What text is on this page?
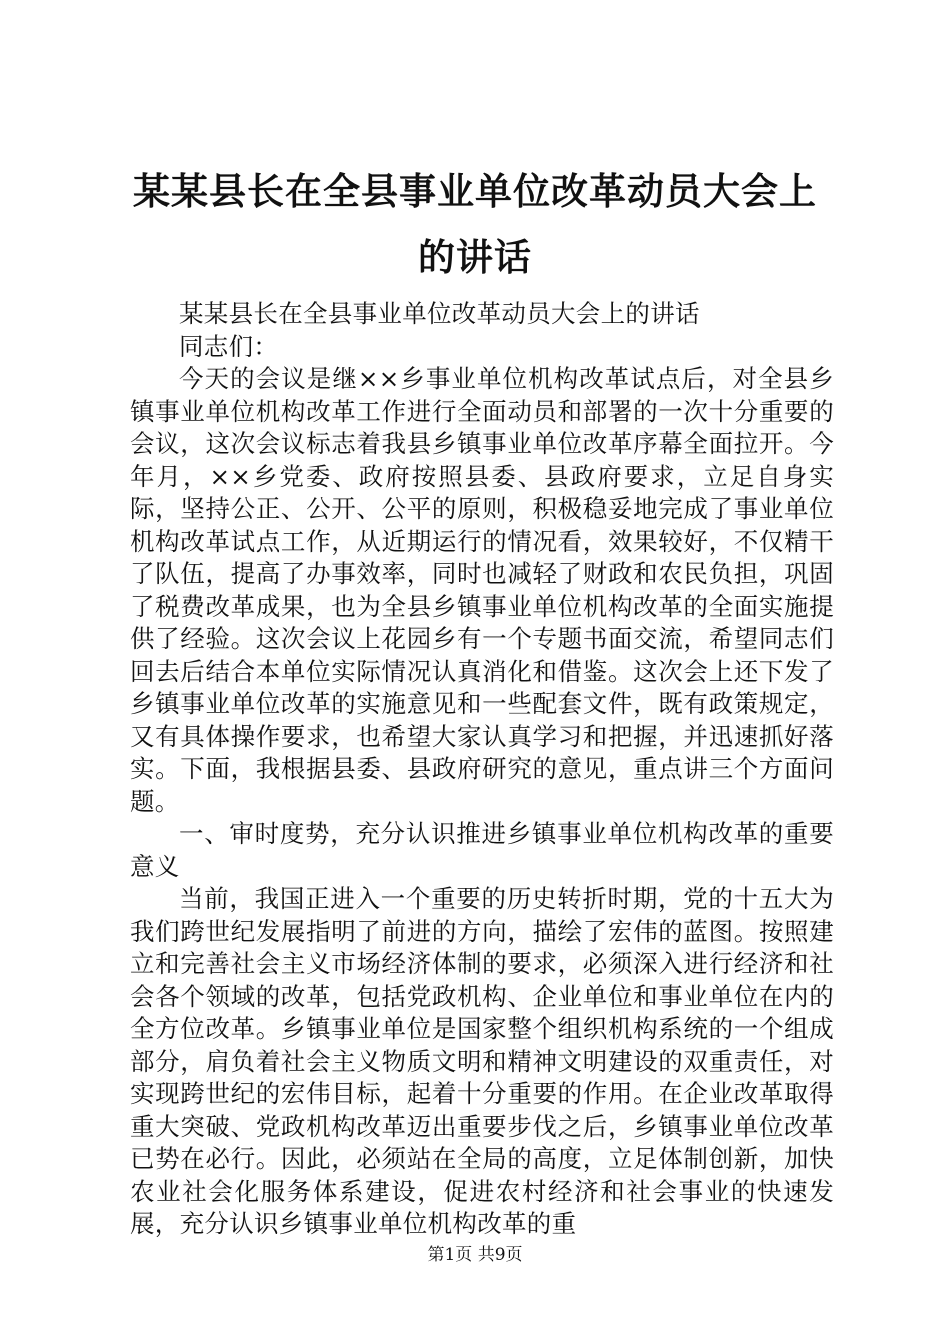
某某县长在全县事业单位改革动员大会上的讲话

某某县长在全县事业单位改革动员大会上的讲话

同志们：

今天的会议是继××乡事业单位机构改革试点后，对全县乡镇事业单位机构改革工作进行全面动员和部署的一次十分重要的会议，这次会议标志着我县乡镇事业单位改革序幕全面拉开。今年月，××乡党委、政府按照县委、县政府要求，立足自身实际，坚持公正、公开、公平的原则，积极稳妥地完成了事业单位机构改革试点工作，从近期运行的情况看，效果较好，不仅精干了队伍，提高了办事效率，同时也减轻了财政和农民负担，巩固了税费改革成果，也为全县乡镇事业单位机构改革的全面实施提供了经验。这次会议上花园乡有一个专题书面交流，希望同志们回去后结合本单位实际情况认真消化和借鉴。这次会上还下发了乡镇事业单位改革的实施意见和一些配套文件，既有政策规定，又有具体操作要求，也希望大家认真学习和把握，并迅速抓好落实。下面，我根据县委、县政府研究的意见，重点讲三个方面问题。

一、审时度势，充分认识推进乡镇事业单位机构改革的重要意义

当前，我国正进入一个重要的历史转折时期，党的十五大为我们跨世纪发展指明了前进的方向，描绘了宏伟的蓝图。按照建立和完善社会主义市场经济体制的要求，必须深入进行经济和社会各个领域的改革，包括党政机构、企业单位和事业单位在内的全方位改革。乡镇事业单位是国家整个组织机构系统的一个组成部分，肩负着社会主义物质文明和精神文明建设的双重责任，对实现跨世纪的宏伟目标，起着十分重要的作用。在企业改革取得重大突破、党政机构改革迈出重要步伐之后，乡镇事业单位改革已势在必行。因此，必须站在全局的高度，立足体制创新，加快农业社会化服务体系建设，促进农村经济和社会事业的快速发展，充分认识乡镇事业单位机构改革的重

第1页 共9页
